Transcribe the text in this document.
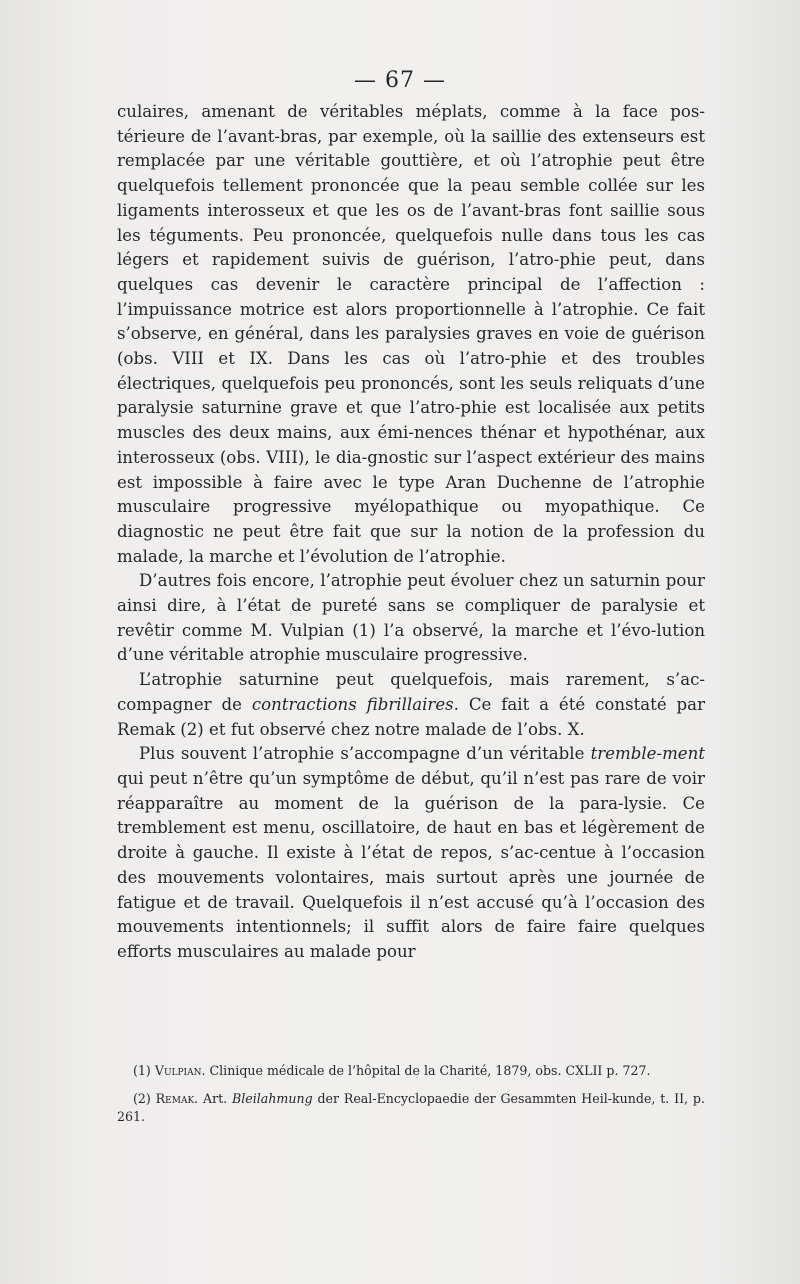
— 67 —

culaires, amenant de véritables méplats, comme à la face pos-térieure de l’avant-bras, par exemple, où la saillie des extenseurs est remplacée par une véritable gouttière, et où l’atrophie peut être quelquefois tellement prononcée que la peau semble collée sur les ligaments interosseux et que les os de l’avant-bras font saillie sous les téguments. Peu prononcée, quelquefois nulle dans tous les cas légers et rapidement suivis de guérison, l’atro-phie peut, dans quelques cas devenir le caractère principal de l’affection : l’impuissance motrice est alors proportionnelle à l’atrophie. Ce fait s’observe, en général, dans les paralysies graves en voie de guérison (obs. VIII et IX. Dans les cas où l’atro-phie et des troubles électriques, quelquefois peu prononcés, sont les seuls reliquats d’une paralysie saturnine grave et que l’atro-phie est localisée aux petits muscles des deux mains, aux émi-nences thénar et hypothénar, aux interosseux (obs. VIII), le dia-gnostic sur l’aspect extérieur des mains est impossible à faire avec le type Aran Duchenne de l’atrophie musculaire progressive myélopathique ou myopathique. Ce diagnostic ne peut être fait que sur la notion de la profession du malade, la marche et l’évolution de l’atrophie.

D’autres fois encore, l’atrophie peut évoluer chez un saturnin pour ainsi dire, à l’état de pureté sans se compliquer de paralysie et revêtir comme M. Vulpian (1) l’a observé, la marche et l’évo-lution d’une véritable atrophie musculaire progressive.

L’atrophie saturnine peut quelquefois, mais rarement, s’ac-compagner de contractions fibrillaires. Ce fait a été constaté par Remak (2) et fut observé chez notre malade de l’obs. X.

Plus souvent l’atrophie s’accompagne d’un véritable tremble-ment qui peut n’être qu’un symptôme de début, qu’il n’est pas rare de voir réapparaître au moment de la guérison de la para-lysie. Ce tremblement est menu, oscillatoire, de haut en bas et légèrement de droite à gauche. Il existe à l’état de repos, s’ac-centue à l’occasion des mouvements volontaires, mais surtout après une journée de fatigue et de travail. Quelquefois il n’est accusé qu’à l’occasion des mouvements intentionnels; il suffit alors de faire faire quelques efforts musculaires au malade pour

(1) Vulpian. Clinique médicale de l’hôpital de la Charité, 1879, obs. CXLII p. 727.

(2) Remak. Art. Bleilahmung der Real-Encyclopaedie der Gesammten Heil-kunde, t. II, p. 261.
